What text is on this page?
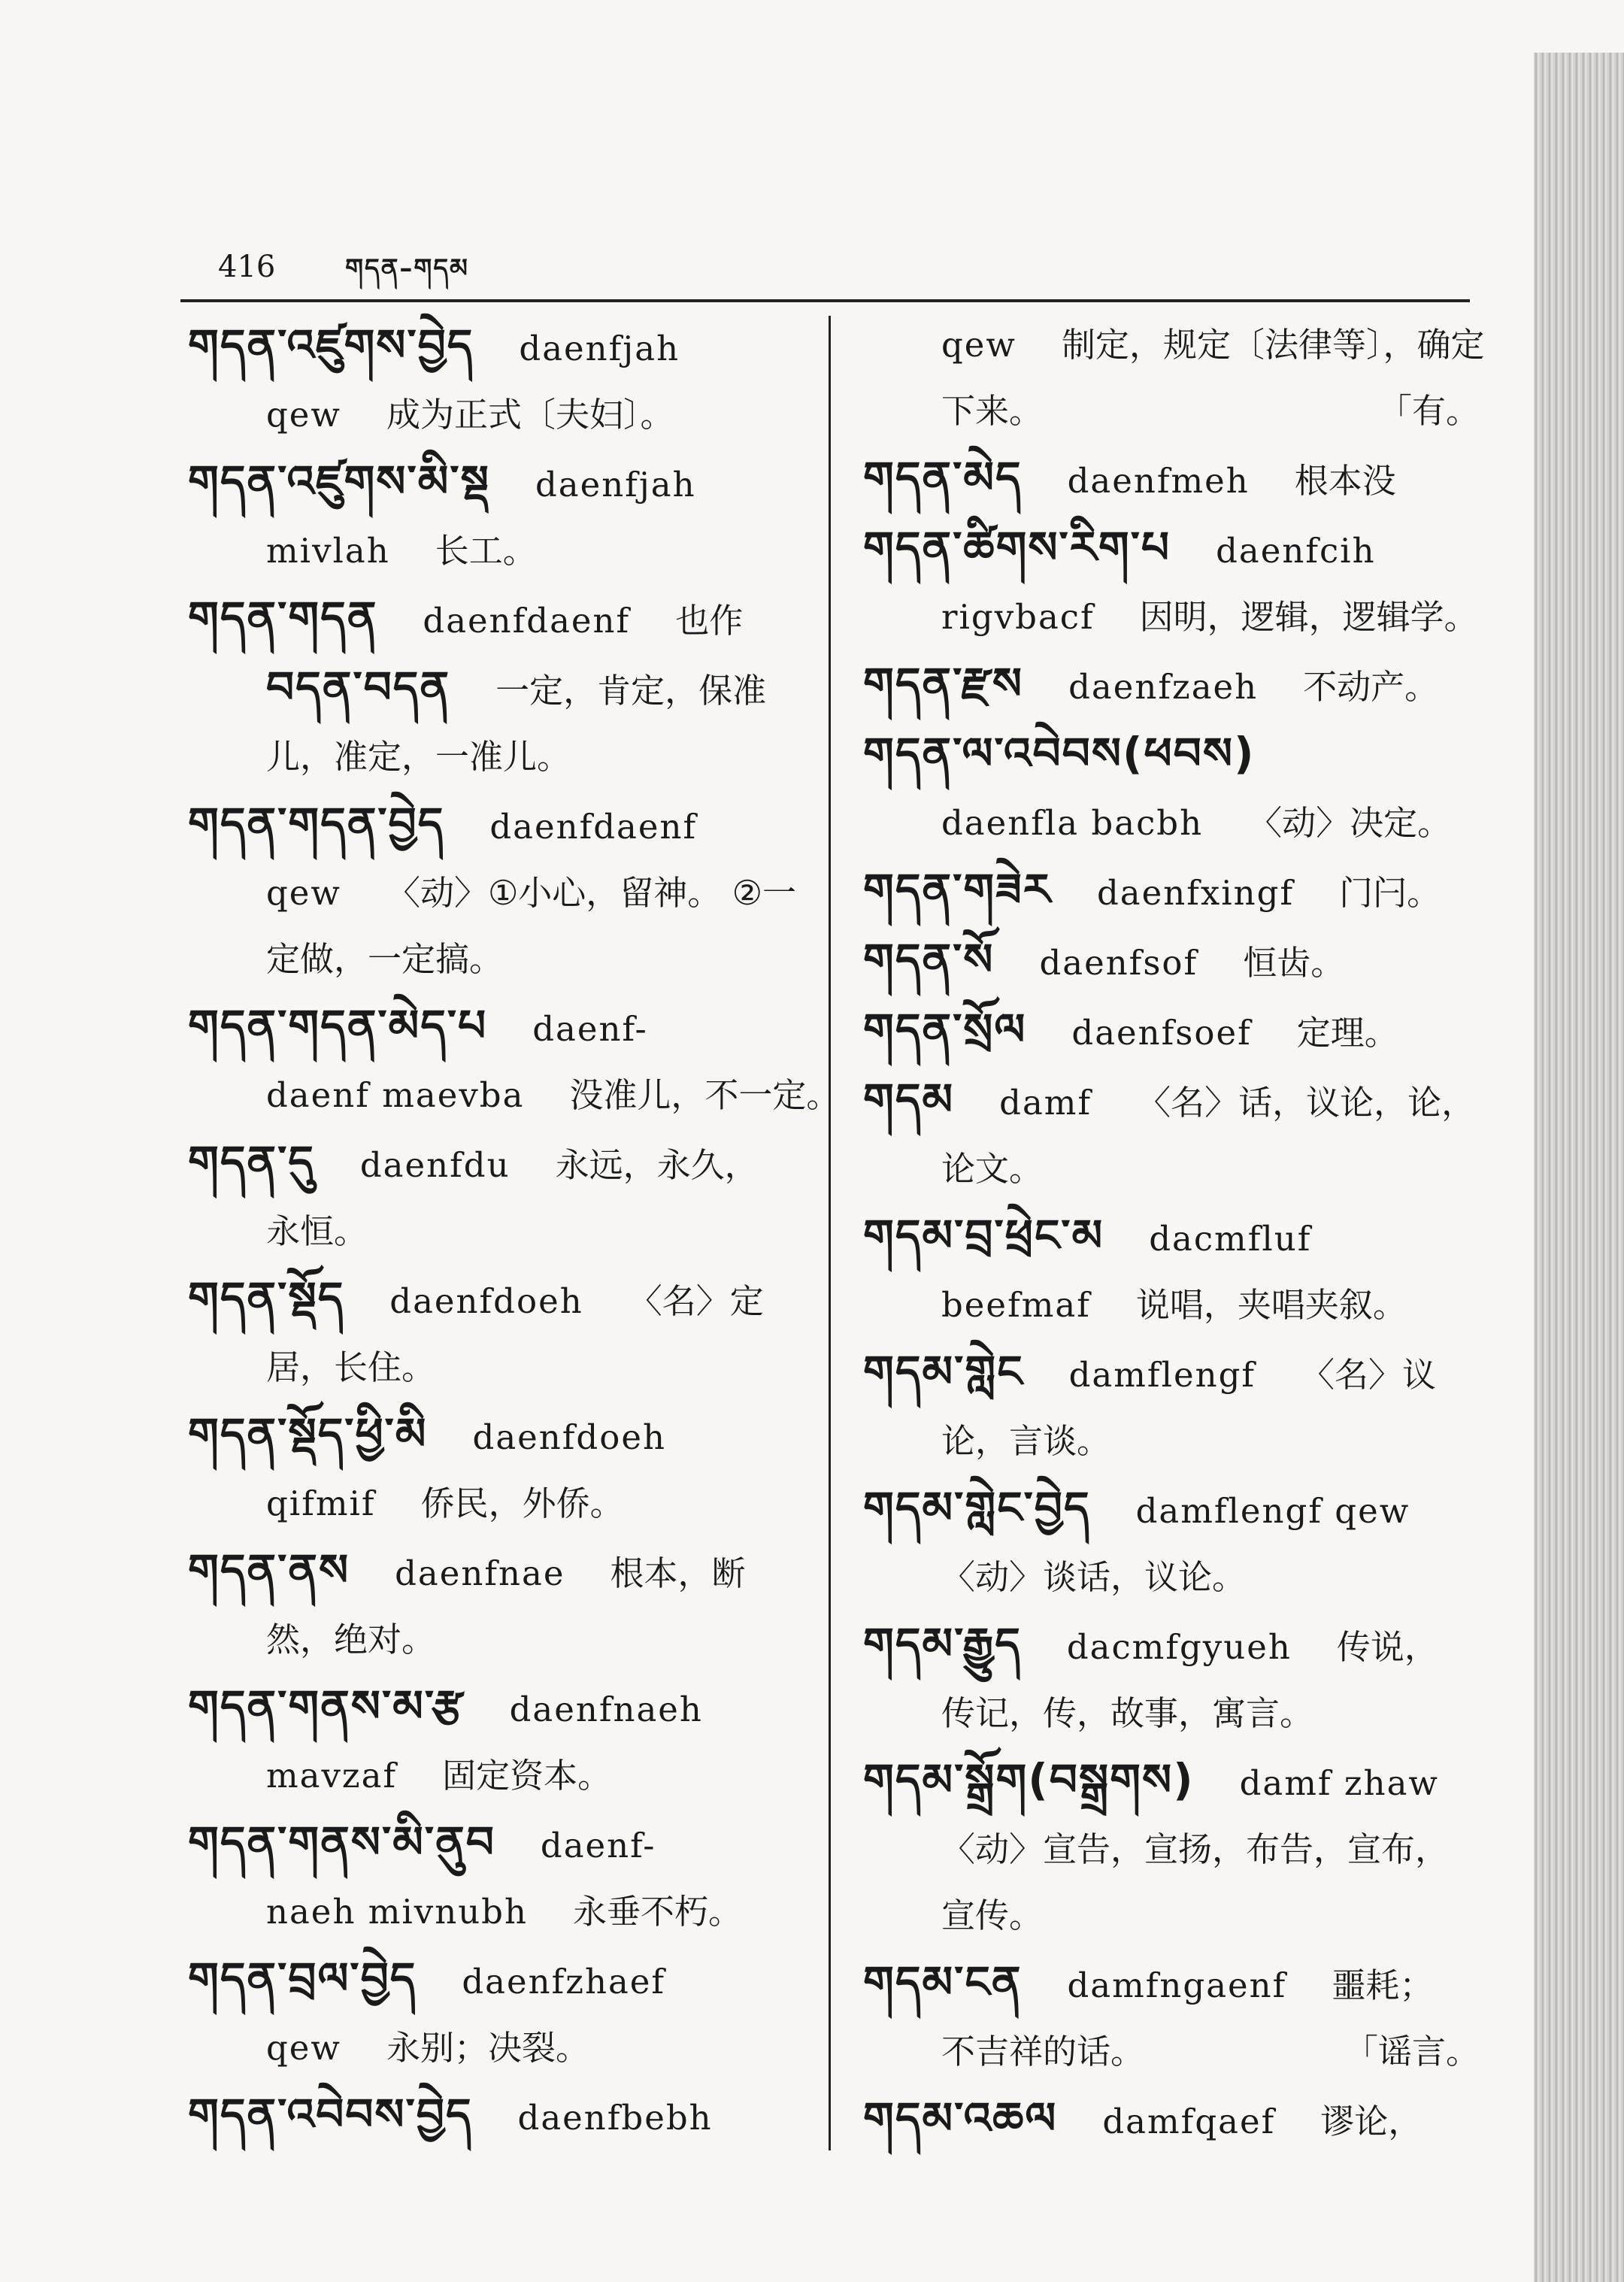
416	གདན–གདམ
གདན་འཛུགས་བྱེད daenfjah
qew 成为正式〔夫妇〕。
གདན་འཛུགས་མི་སྡ daenfjah
mivlah 长工。
གདན་གདན daenfdaenf 也作
བདན་བདན 一定，肯定，保准
儿，准定，一准儿。
གདན་གདན་བྱེད daenfdaenf
qew 〈动〉①小心，留神。 ②一
定做，一定搞。
གདན་གདན་མེད་པ daenf-
daenf maevba 没准儿，不一定。
གདན་དུ daenfdu 永远，永久，
永恒。
གདན་སྡོད daenfdoeh 〈名〉定
居，长住。
གདན་སྡོད་ཕྱི་མི daenfdoeh
qifmif 侨民，外侨。
གདན་ནས daenfnae 根本，断
然，绝对。
གདན་གནས་མ་རྩ daenfnaeh
mavzaf 固定资本。
གདན་གནས་མི་ནུབ daenf-
naeh mivnubh 永垂不朽。
གདན་བྲལ་བྱེད daenfzhaef
qew 永别；决裂。
གདན་འབེབས་བྱེད daenfbebh
qew 制定，规定〔法律等〕，确定
下来。	「有。
གདན་མེད daenfmeh 根本没
གདན་ཚིགས་རིག་པ daenfcih
rigvbacf 因明，逻辑，逻辑学。
གདན་རྫས daenfzaeh 不动产。
གདན་ལ་འབེབས(ཕབས)
daenfla bacbh 〈动〉决定。
གདན་གཟེར daenfxingf 门闩。
གདན་སོ daenfsof 恒齿。
གདན་སྲོལ daenfsoef 定理。
གདམ damf 〈名〉话，议论，论，
论文。
གདམ་བྲ་ཕྲེང་མ dacmfluf
beefmaf 说唱，夹唱夹叙。
གདམ་གླེང damflengf 〈名〉议
论，言谈。
གདམ་གླེང་བྱེད damflengf qew
〈动〉谈话，议论。
གདམ་རྒྱུད dacmfgyueh 传说，
传记，传，故事，寓言。
གདམ་སྒྲོག(བསྒྲགས) damf zhaw
〈动〉宣告，宣扬，布告，宣布，
宣传。
གདམ་ངན damfngaenf 噩耗；
不吉祥的话。	「谣言。
གདམ་འཆལ damfqaef 谬论，
